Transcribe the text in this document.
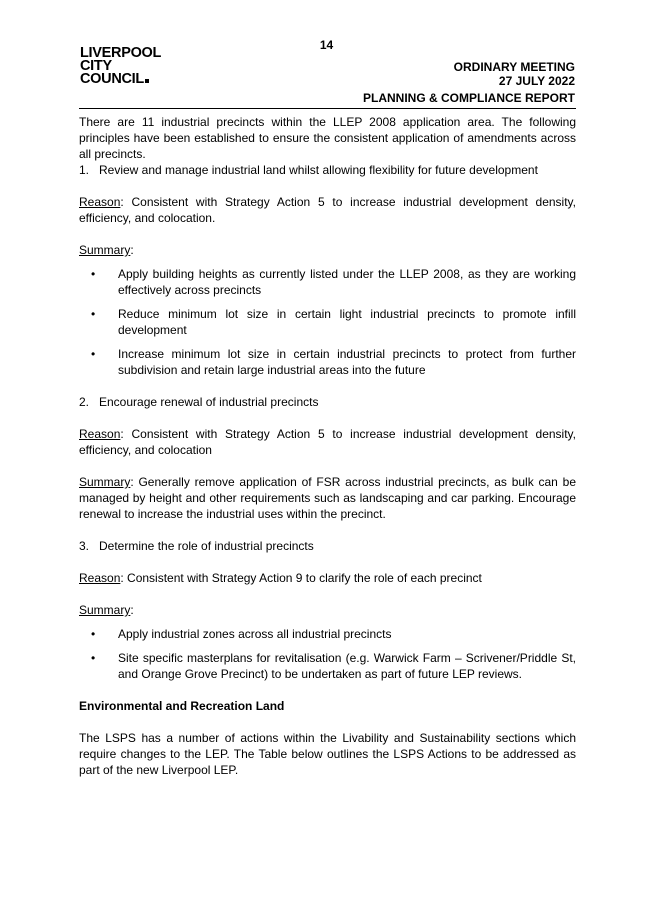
14
LIVERPOOL
CITY
COUNCIL
ORDINARY MEETING
27 JULY 2022
PLANNING & COMPLIANCE REPORT

There are 11 industrial precincts within the LLEP 2008 application area. The following principles have been established to ensure the consistent application of amendments across all precincts.

1. Review and manage industrial land whilst allowing flexibility for future development

Reason: Consistent with Strategy Action 5 to increase industrial development density, efficiency, and colocation.

Summary:

•	Apply building heights as currently listed under the LLEP 2008, as they are working effectively across precincts
•	Reduce minimum lot size in certain light industrial precincts to promote infill development
•	Increase minimum lot size in certain industrial precincts to protect from further subdivision and retain large industrial areas into the future
2. Encourage renewal of industrial precincts

Reason: Consistent with Strategy Action 5 to increase industrial development density, efficiency, and colocation

Summary: Generally remove application of FSR across industrial precincts, as bulk can be managed by height and other requirements such as landscaping and car parking. Encourage renewal to increase the industrial uses within the precinct.

3. Determine the role of industrial precincts

Reason: Consistent with Strategy Action 9 to clarify the role of each precinct

Summary:

•	Apply industrial zones across all industrial precincts
•	Site specific masterplans for revitalisation (e.g. Warwick Farm – Scrivener/Priddle St, and Orange Grove Precinct) to be undertaken as part of future LEP reviews.

Environmental and Recreation Land

The LSPS has a number of actions within the Livability and Sustainability sections which require changes to the LEP. The Table below outlines the LSPS Actions to be addressed as part of the new Liverpool LEP.
